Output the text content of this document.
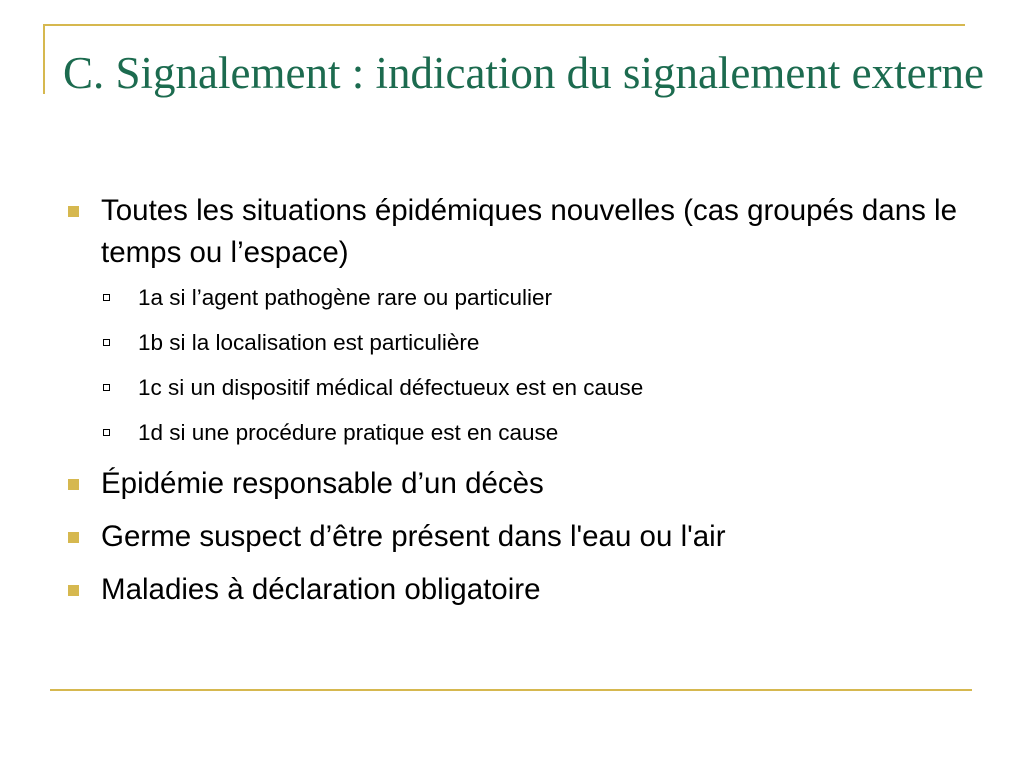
C. Signalement : indication du signalement externe
Toutes les situations épidémiques nouvelles (cas groupés dans le temps ou l’espace)
1a si l’agent pathogène rare ou particulier
1b si la localisation est particulière
1c si un dispositif médical défectueux est en cause
1d si une procédure pratique est en cause
Épidémie responsable d’un décès
Germe suspect d’être présent dans l'eau ou l'air
Maladies à déclaration obligatoire
